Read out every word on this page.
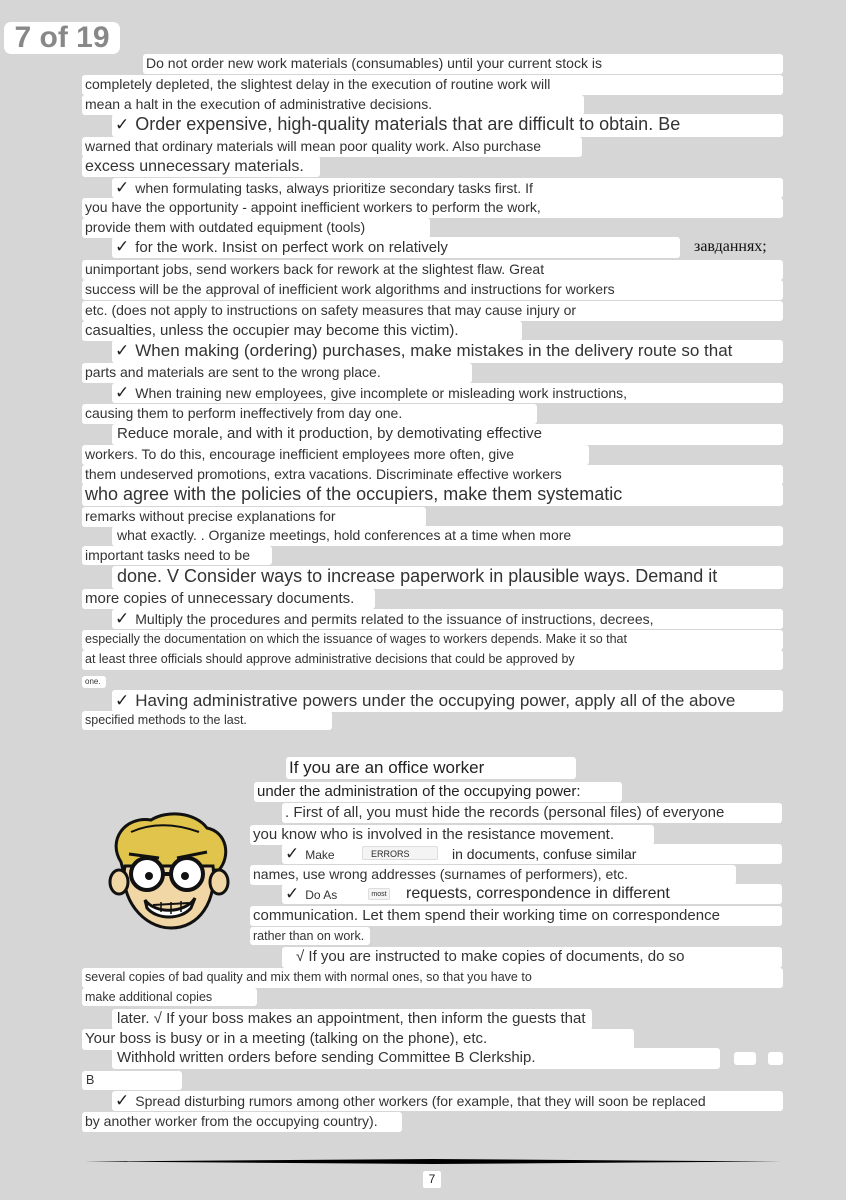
7 of 19
Do not order new work materials (consumables) until your current stock is
completely depleted, the slightest delay in the execution of routine work will
mean a halt in the execution of administrative decisions.
✓ Order expensive, high-quality materials that are difficult to obtain. Be
warned that ordinary materials will mean poor quality work. Also purchase
excess unnecessary materials.
✓ when formulating tasks, always prioritize secondary tasks first. If
you have the opportunity - appoint inefficient workers to perform the work,
provide them with outdated equipment (tools)
✓ for the work. Insist on perfect work on relatively	завданнях;
unimportant jobs, send workers back for rework at the slightest flaw. Great
success will be the approval of inefficient work algorithms and instructions for workers
etc. (does not apply to instructions on safety measures that may cause injury or
casualties, unless the occupier may become this victim).
✓ When making (ordering) purchases, make mistakes in the delivery route so that
parts and materials are sent to the wrong place.
✓ When training new employees, give incomplete or misleading work instructions,
causing them to perform ineffectively from day one.
Reduce morale, and with it production, by demotivating effective
workers. To do this, encourage inefficient employees more often, give
them undeserved promotions, extra vacations. Discriminate effective workers
who agree with the policies of the occupiers, make them systematic
remarks without precise explanations for
what exactly. . Organize meetings, hold conferences at a time when more
important tasks need to be
done. V Consider ways to increase paperwork in plausible ways. Demand it
more copies of unnecessary documents.
✓ Multiply the procedures and permits related to the issuance of instructions, decrees,
especially the documentation on which the issuance of wages to workers depends. Make it so that
at least three officials should approve administrative decisions that could be approved by
one.
✓ Having administrative powers under the occupying power, apply all of the above
specified methods to the last.
If you are an office worker
under the administration of the occupying power:
. First of all, you must hide the records (personal files) of everyone
you know who is involved in the resistance movement.
✓ Make	ERRORS	in documents, confuse similar
names, use wrong addresses (surnames of performers), etc.
✓ Do As	most requests, correspondence in different
communication. Let them spend their working time on correspondence
rather than on work.
√ If you are instructed to make copies of documents, do so
several copies of bad quality and mix them with normal ones, so that you have to
make additional copies
later. √ If your boss makes an appointment, then inform the guests that
Your boss is busy or in a meeting (talking on the phone), etc.
Withhold written orders before sending Committee B Clerkship.
B
✓ Spread disturbing rumors among other workers (for example, that they will soon be replaced
by another worker from the occupying country).
7
